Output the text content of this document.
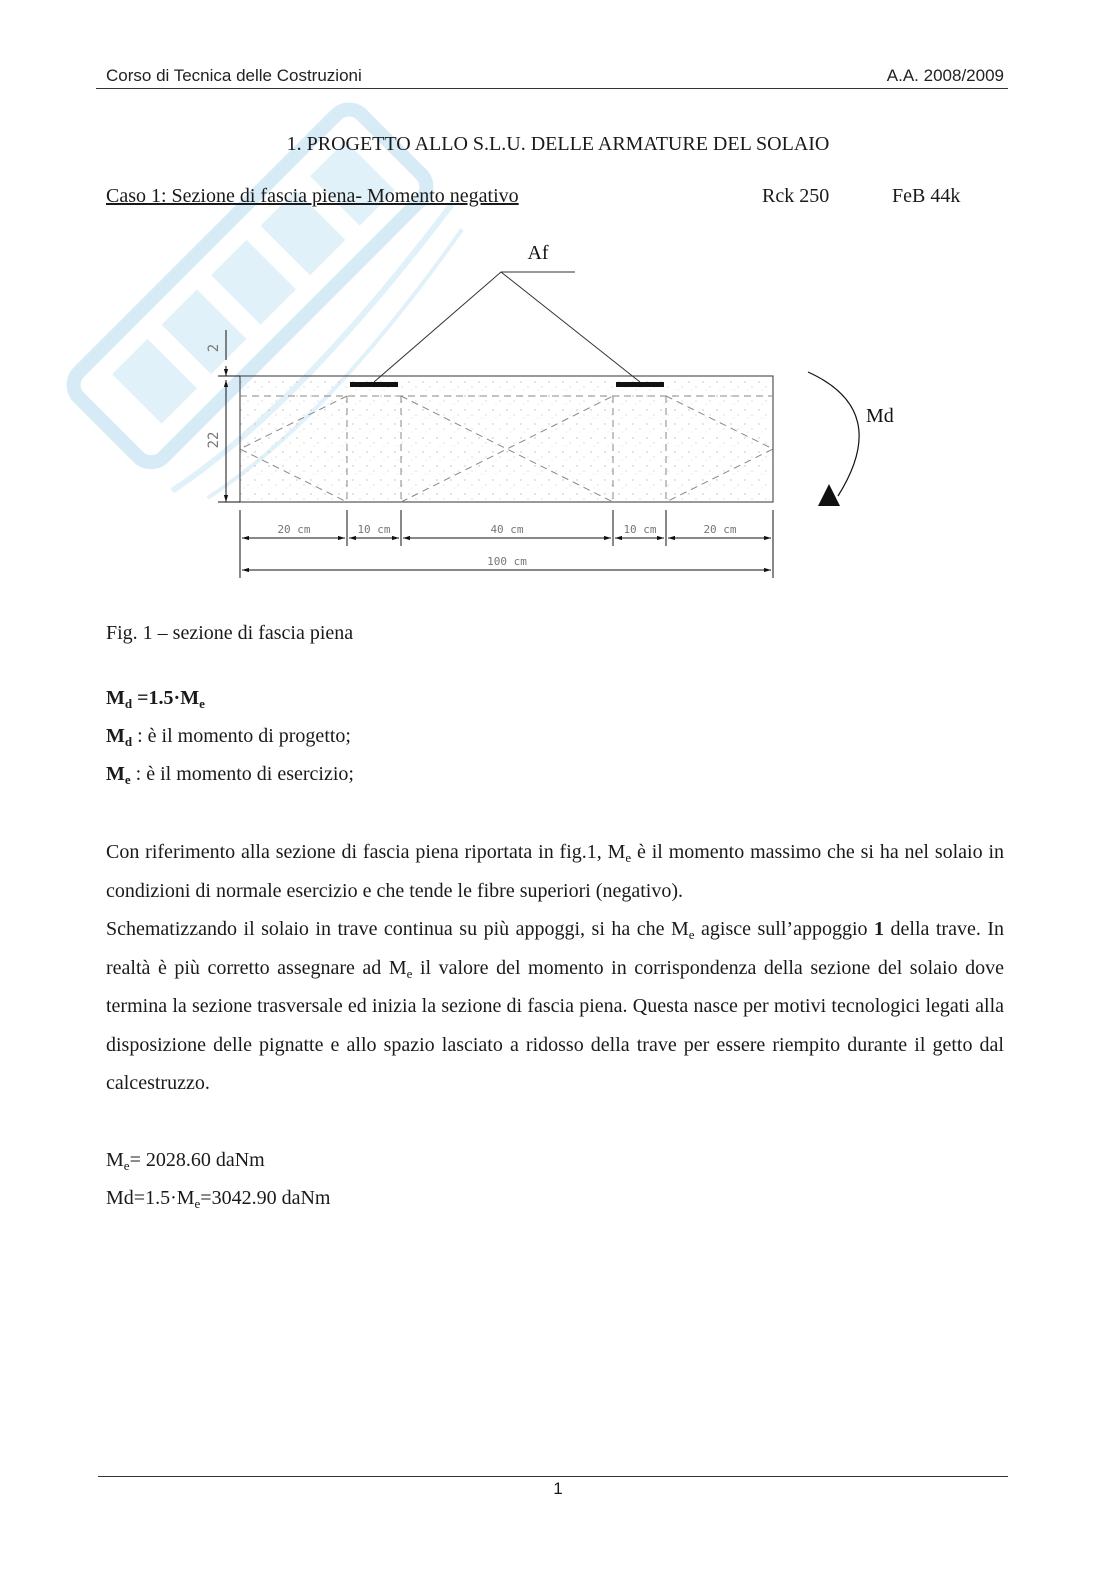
Corso di Tecnica delle Costruzioni	A.A. 2008/2009
1. PROGETTO ALLO S.L.U. DELLE ARMATURE DEL SOLAIO
Caso 1: Sezione di fascia piena- Momento negativo	Rck 250	FeB 44k
Af
2
22
20 cm	10 cm	40 cm	10 cm	20 cm
100 cm
Md
Fig. 1 – sezione di fascia piena
$M_d =1.5\cdot M_e$
$M_d$ : è il momento di progetto;
$M_e$ : è il momento di esercizio;

Con riferimento alla sezione di fascia piena riportata in fig.1, $M_e$ è il momento massimo che si ha nel solaio in condizioni di normale esercizio e che tende le fibre superiori (negativo).

Schematizzando il solaio in trave continua su più appoggi, si ha che $M_e$ agisce sull’appoggio 1 della trave. In realtà è più corretto assegnare ad $M_e$ il valore del momento in corrispondenza della sezione del solaio dove termina la sezione trasversale ed inizia la sezione di fascia piena. Questa nasce per motivi tecnologici legati alla disposizione delle pignatte e allo spazio lasciato a ridosso della trave per essere riempito durante il getto dal calcestruzzo.

$M_e= 2028.60$ daNm
$Md=1.5\cdot M_e=3042.90$ daNm
1
